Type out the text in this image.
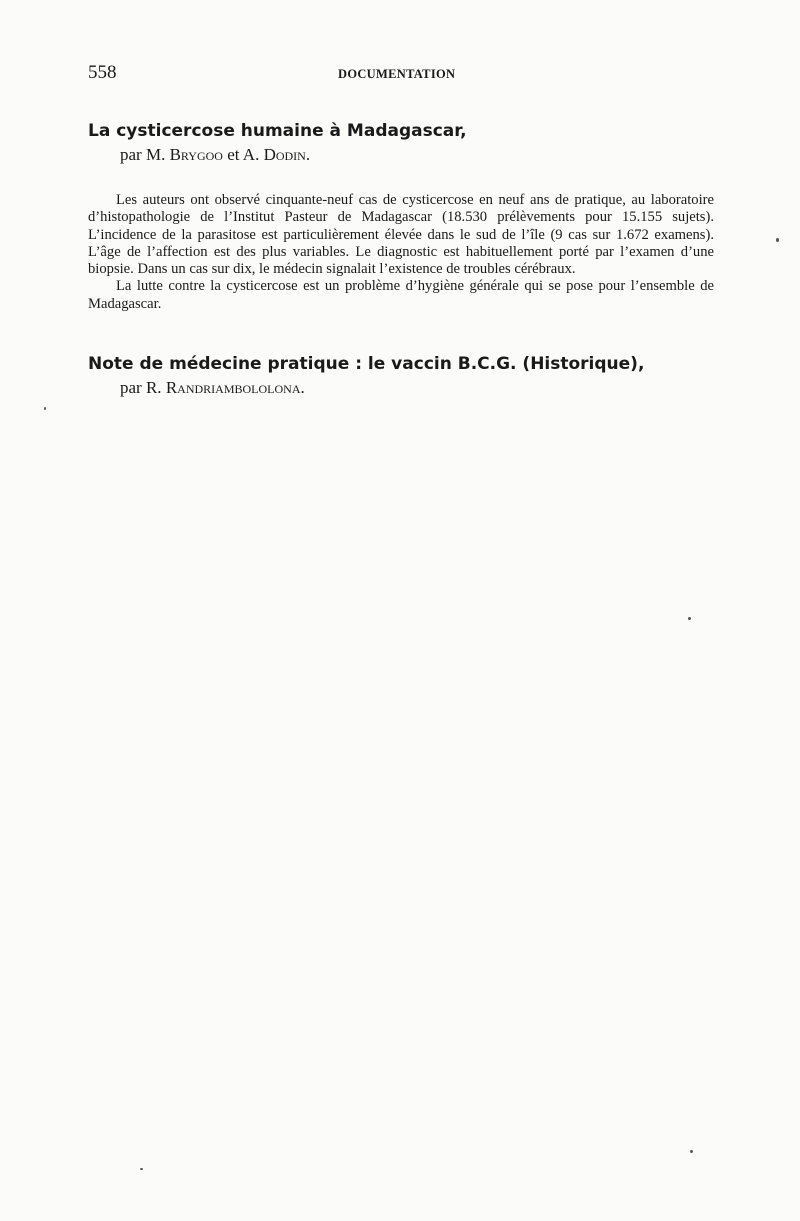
558	DOCUMENTATION
La cysticercose humaine à Madagascar,
par M. Brygoo et A. Dodin.

Les auteurs ont observé cinquante-neuf cas de cysticercose en neuf ans de pratique, au laboratoire d’histopathologie de l’Institut Pasteur de Madagascar (18.530 prélèvements pour 15.155 sujets). L’incidence de la parasitose est particulièrement élevée dans le sud de l’île (9 cas sur 1.672 examens). L’âge de l’affection est des plus variables. Le diagnostic est habituellement porté par l’examen d’une biopsie. Dans un cas sur dix, le médecin signalait l’existence de troubles cérébraux.

La lutte contre la cysticercose est un problème d’hygiène générale qui se pose pour l’ensemble de Madagascar.

Note de médecine pratique : le vaccin B.C.G. (Historique),
par R. Randriambololona.
